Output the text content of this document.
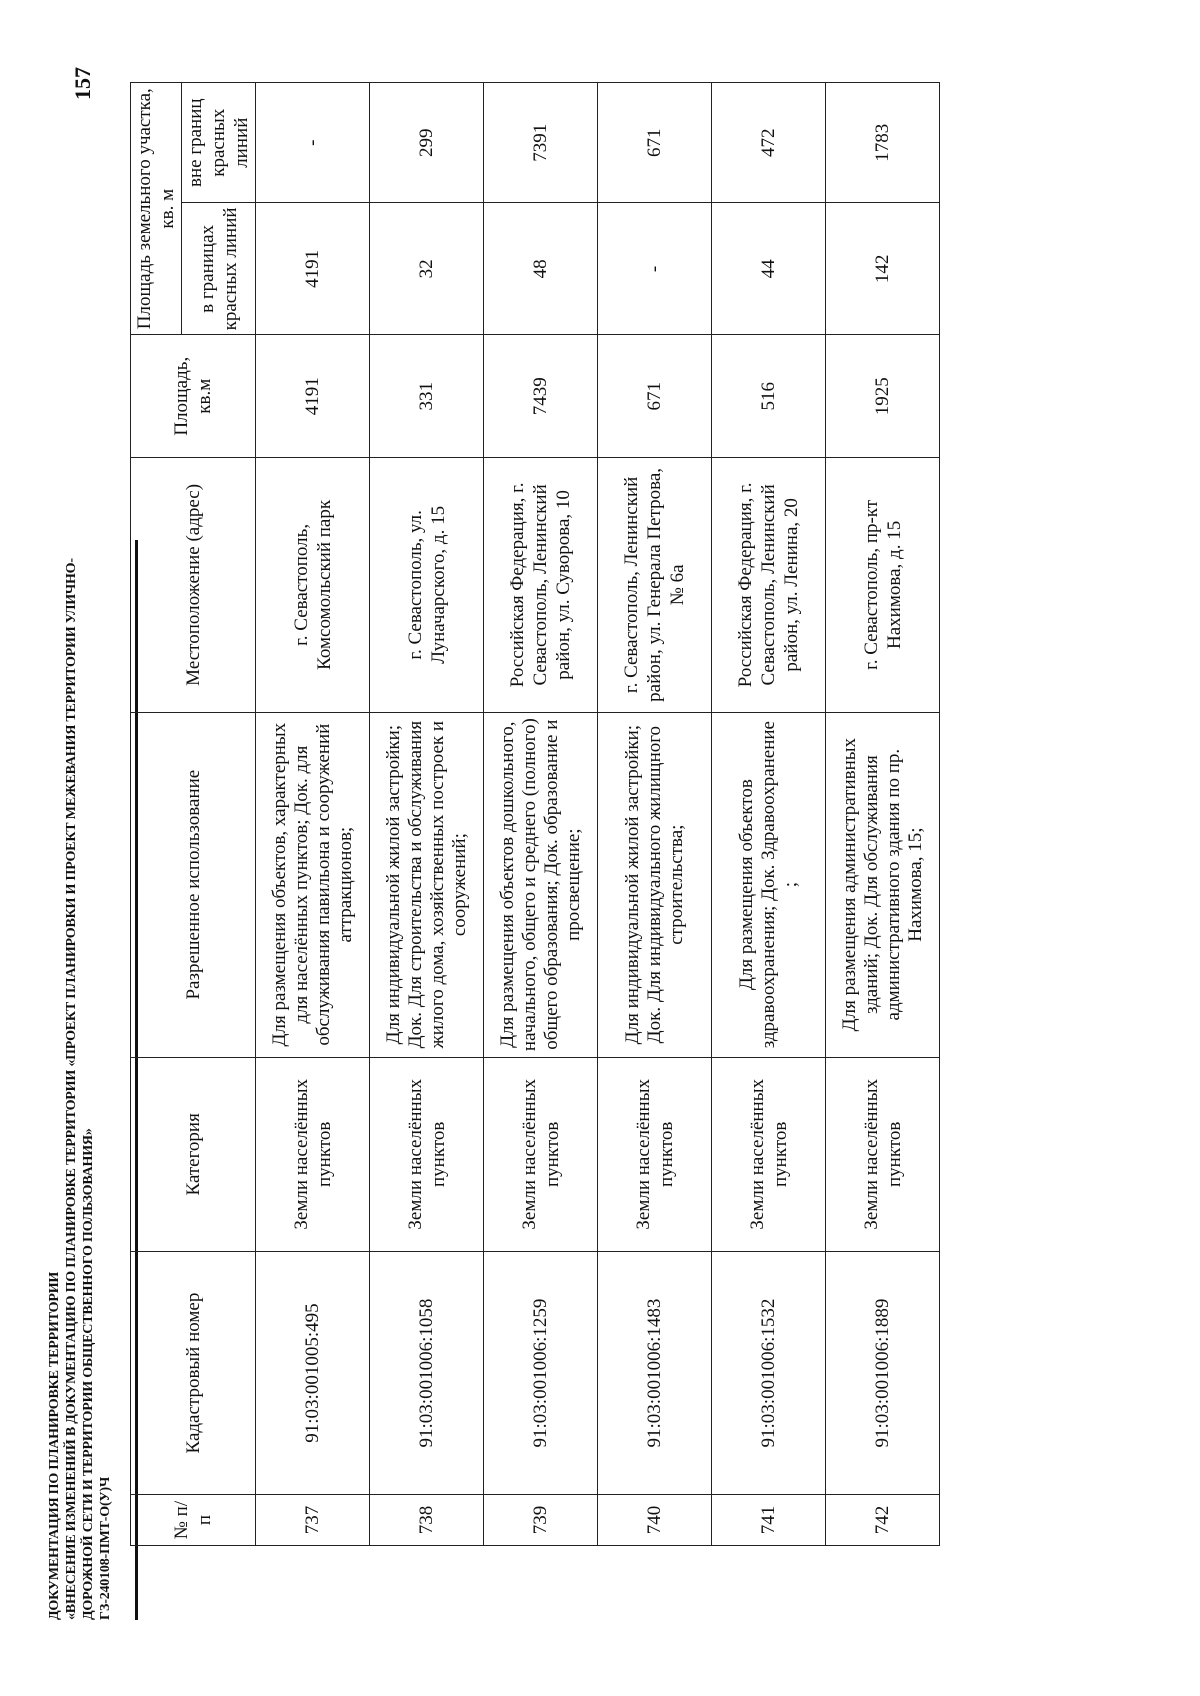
ДОКУМЕНТАЦИЯ ПО ПЛАНИРОВКЕ ТЕРРИТОРИИ «ВНЕСЕНИЕ ИЗМЕНЕНИЙ В ДОКУМЕНТАЦИЮ ПО ПЛАНИРОВКЕ ТЕРРИТОРИИ «ПРОЕКТ ПЛАНИРОВКИ И ПРОЕКТ МЕЖЕВАНИЯ ТЕРРИТОРИИ УЛИЧНО- ДОРОЖНОЙ СЕТИ И ТЕРРИТОРИИ ОБЩЕСТВЕННОГО ПОЛЬЗОВАНИЯ» ГЗ-240108-ПМТ-О(У)Ч
157
№ п/п	Кадастровый номер	Категория	Разрешенное использование	Местоположение (адрес)	Площадь, кв.м	Площадь земельного участка, кв. м	
						в границах красных линий	вне границ красных линий
737	91:03:001005:495	Земли населённых пунктов	Для размещения объектов, характерных для населённых пунктов; Док. для обслуживания павильона и сооружений аттракционов;	г. Севастополь, Комсомольский парк	4191	4191	-
738	91:03:001006:1058	Земли населённых пунктов	Для индивидуальной жилой застройки; Док. Для строительства и обслуживания жилого дома, хозяйственных построек и сооружений;	г. Севастополь, ул. Луначарского, д. 15	331	32	299
739	91:03:001006:1259	Земли населённых пунктов	Для размещения объектов дошкольного, начального, общего и среднего (полного) общего образования; Док. образование и просвещение;	Российская Федерация, г. Севастополь, Ленинский район, ул. Суворова, 10	7439	48	7391
740	91:03:001006:1483	Земли населённых пунктов	Для индивидуальной жилой застройки; Док. Для индивидуального жилищного строительства;	г. Севастополь, Ленинский район, ул. Генерала Петрова, № 6а	671	-	671
741	91:03:001006:1532	Земли населённых пунктов	Для размещения объектов здравоохранения; Док. Здравоохранение ;	Российская Федерация, г. Севастополь, Ленинский район, ул. Ленина, 20	516	44	472
742	91:03:001006:1889	Земли населённых пунктов	Для размещения административных зданий; Док. Для обслуживания административного здания по пр. Нахимова, 15;	г. Севастополь, пр-кт Нахимова, д. 15	1925	142	1783
